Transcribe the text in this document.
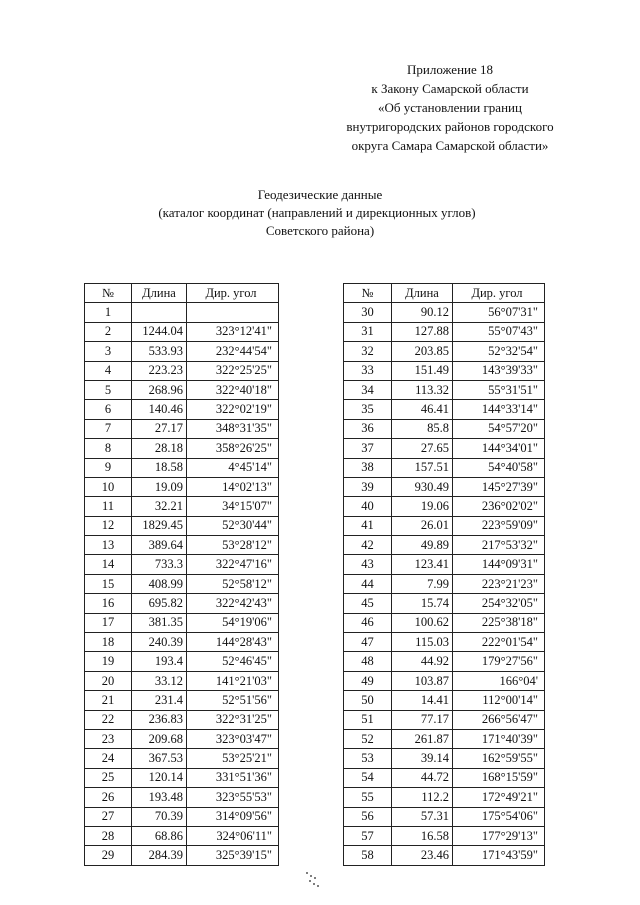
Приложение 18
к Закону Самарской области
«Об установлении границ
внутригородских районов городского
округа Самара Самарской области»
Геодезические данные
(каталог координат (направлений и дирекционных углов)
Советского района)
№	Длина	Дир. угол
1		
2	1244.04	323°12'41"
3	533.93	232°44'54"
4	223.23	322°25'25"
5	268.96	322°40'18"
6	140.46	322°02'19"
7	27.17	348°31'35"
8	28.18	358°26'25"
9	18.58	4°45'14"
10	19.09	14°02'13"
11	32.21	34°15'07"
12	1829.45	52°30'44"
13	389.64	53°28'12"
14	733.3	322°47'16"
15	408.99	52°58'12"
16	695.82	322°42'43"
17	381.35	54°19'06"
18	240.39	144°28'43"
19	193.4	52°46'45"
20	33.12	141°21'03"
21	231.4	52°51'56"
22	236.83	322°31'25"
23	209.68	323°03'47"
24	367.53	53°25'21"
25	120.14	331°51'36"
26	193.48	323°55'53"
27	70.39	314°09'56"
28	68.86	324°06'11"
29	284.39	325°39'15"
№	Длина	Дир. угол
30	90.12	56°07'31"
31	127.88	55°07'43"
32	203.85	52°32'54"
33	151.49	143°39'33"
34	113.32	55°31'51"
35	46.41	144°33'14"
36	85.8	54°57'20"
37	27.65	144°34'01"
38	157.51	54°40'58"
39	930.49	145°27'39"
40	19.06	236°02'02"
41	26.01	223°59'09"
42	49.89	217°53'32"
43	123.41	144°09'31"
44	7.99	223°21'23"
45	15.74	254°32'05"
46	100.62	225°38'18"
47	115.03	222°01'54"
48	44.92	179°27'56"
49	103.87	166°04'
50	14.41	112°00'14"
51	77.17	266°56'47"
52	261.87	171°40'39"
53	39.14	162°59'55"
54	44.72	168°15'59"
55	112.2	172°49'21"
56	57.31	175°54'06"
57	16.58	177°29'13"
58	23.46	171°43'59"
